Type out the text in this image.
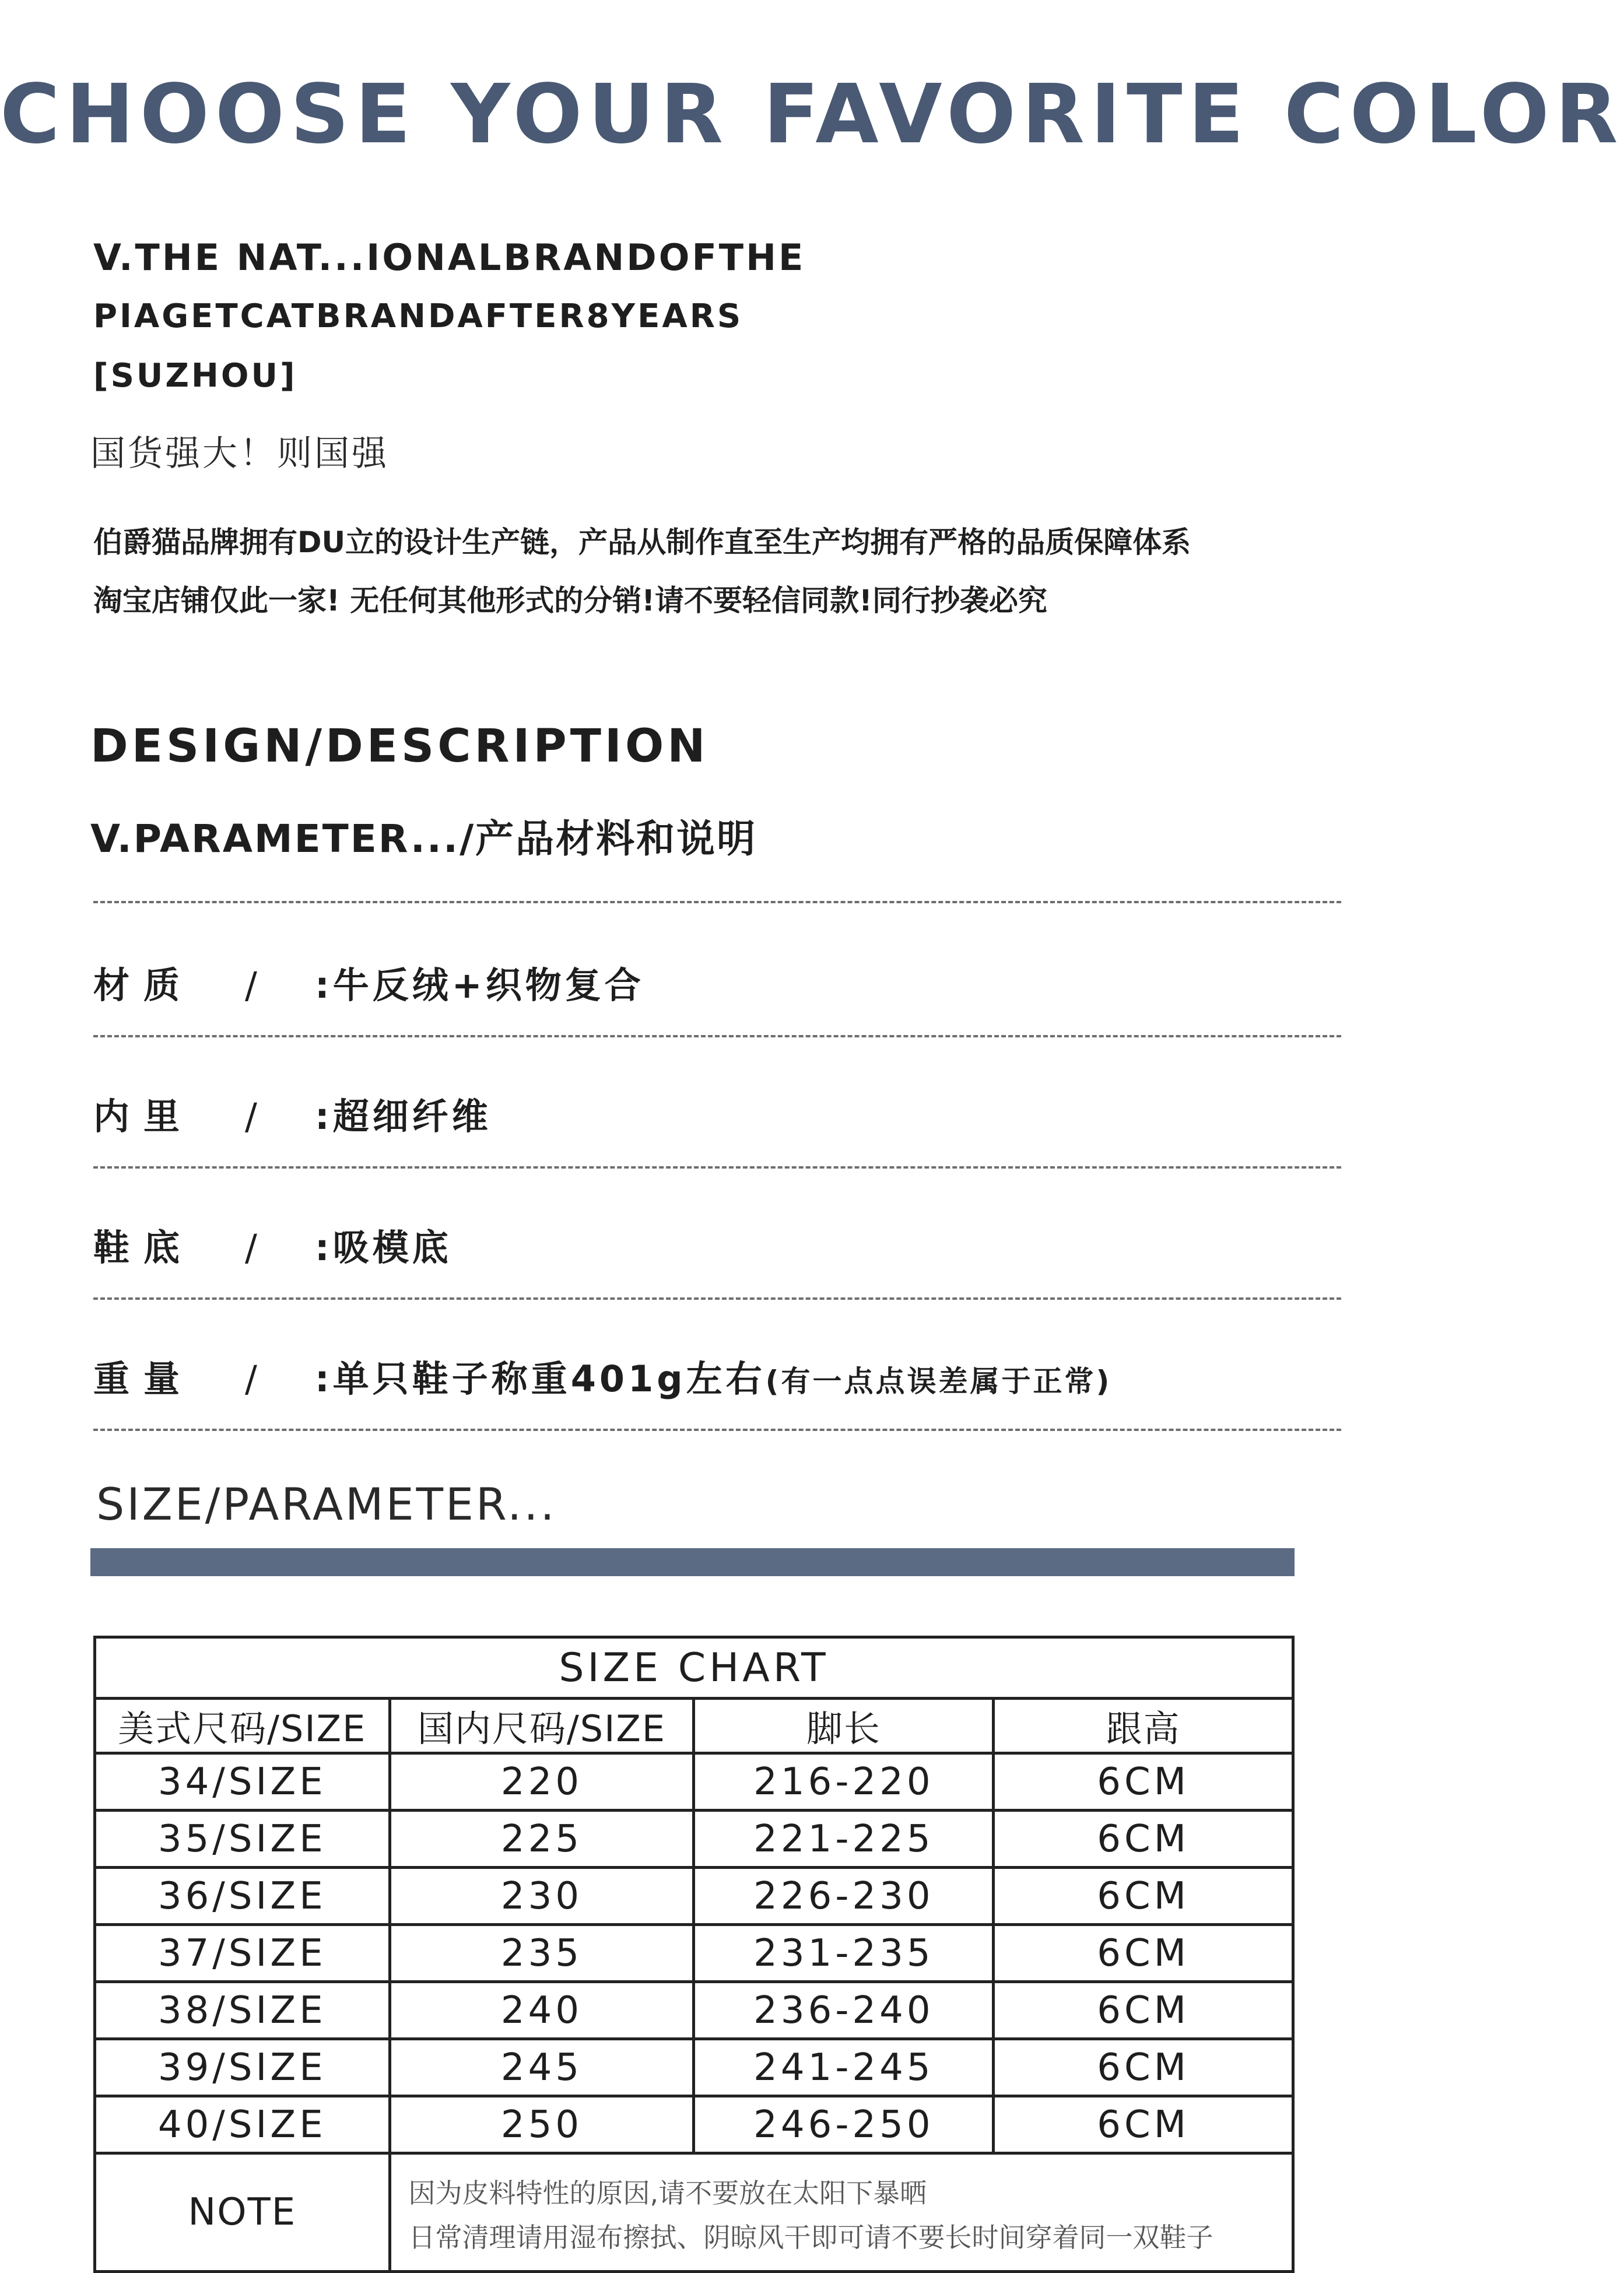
CHOOSE YOUR FAVORITE COLOR
V.THE NAT...IONALBRANDOFTHE
PIAGETCATBRANDAFTER8YEARS
[SUZHOU]
国货强大！则国强
伯爵猫品牌拥有DU立的设计生产链，产品从制作直至生产均拥有严格的品质保障体系
淘宝店铺仅此一家! 无任何其他形式的分销!请不要轻信同款!同行抄袭必究
DESIGN/DESCRIPTION
V.PARAMETER.../产品材料和说明
材质	/	:牛反绒+织物复合
内里	/	:超细纤维
鞋底	/	:吸模底
重量	/	:单只鞋子称重401g左右 (有一点点误差属于正常)
SIZE/PARAMETER...
SIZE CHART			
美式尺码/SIZE	国内尺码/SIZE	脚长	跟高
34/SIZE	220	216-220	6CM
35/SIZE	225	221-225	6CM
36/SIZE	230	226-230	6CM
37/SIZE	235	231-235	6CM
38/SIZE	240	236-240	6CM
39/SIZE	245	241-245	6CM
40/SIZE	250	246-250	6CM
NOTE	因为皮料特性的原因,请不要放在太阳下暴晒
日常清理请用湿布擦拭、阴晾风干即可请不要长时间穿着同一双鞋子		
